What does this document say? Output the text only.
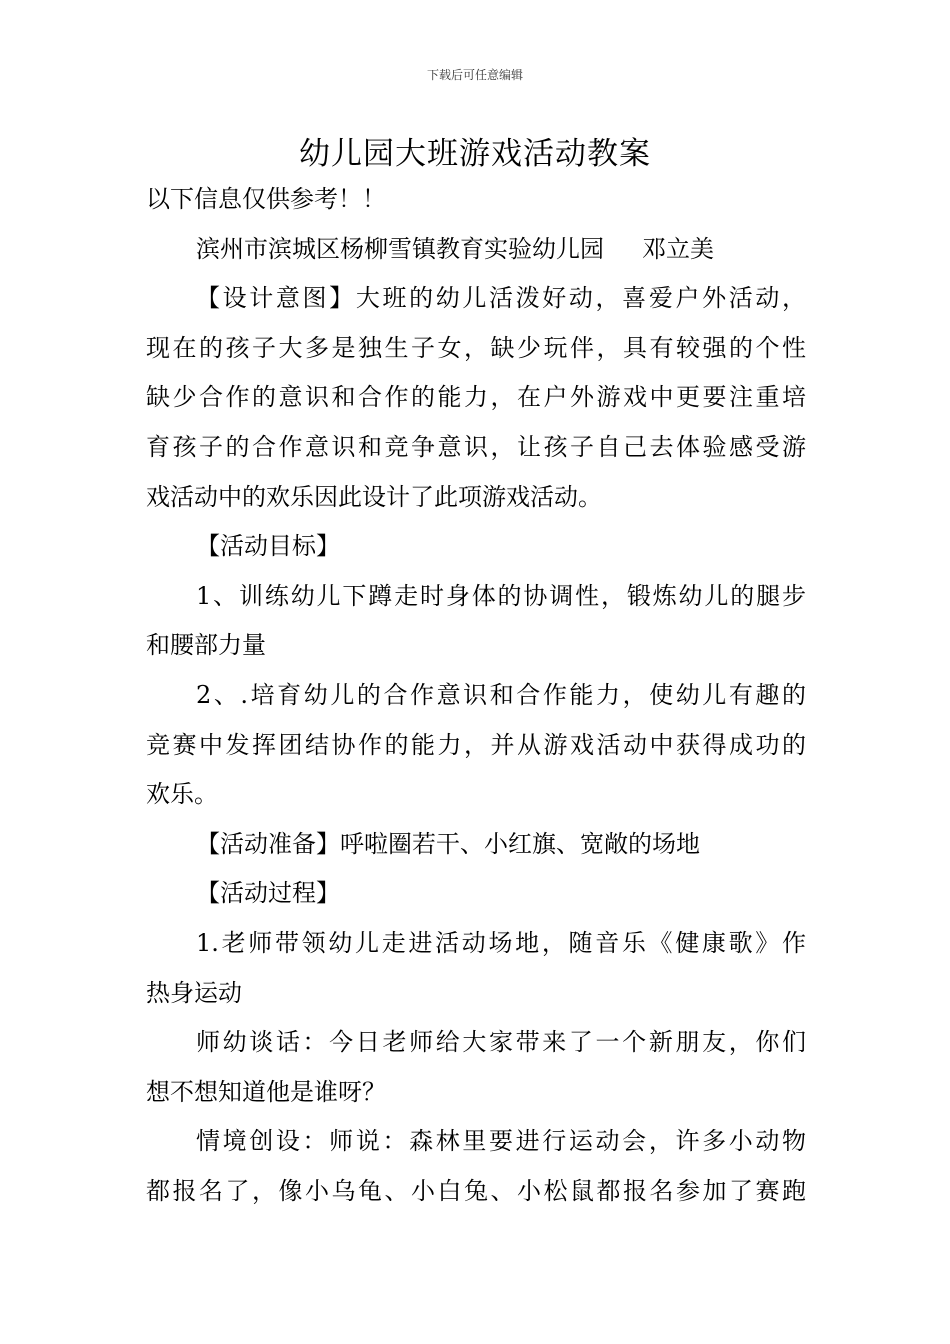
下载后可任意编辑
幼儿园大班游戏活动教案
以下信息仅供参考！！
滨州市滨城区杨柳雪镇教育实验幼儿园 邓立美
【设计意图】大班的幼儿活泼好动，喜爱户外活动，
现在的孩子大多是独生子女，缺少玩伴，具有较强的个性
缺少合作的意识和合作的能力，在户外游戏中更要注重培
育孩子的合作意识和竞争意识，让孩子自己去体验感受游
戏活动中的欢乐因此设计了此项游戏活动。
【活动目标】
1、训练幼儿下蹲走时身体的协调性，锻炼幼儿的腿步
和腰部力量
2、.培育幼儿的合作意识和合作能力，使幼儿有趣的
竞赛中发挥团结协作的能力，并从游戏活动中获得成功的
欢乐。
【活动准备】呼啦圈若干、小红旗、宽敞的场地
【活动过程】
1.老师带领幼儿走进活动场地，随音乐《健康歌》作
热身运动
师幼谈话：今日老师给大家带来了一个新朋友，你们
想不想知道他是谁呀？
情境创设：师说：森林里要进行运动会，许多小动物
都报名了，像小乌龟、小白兔、小松鼠都报名参加了赛跑
